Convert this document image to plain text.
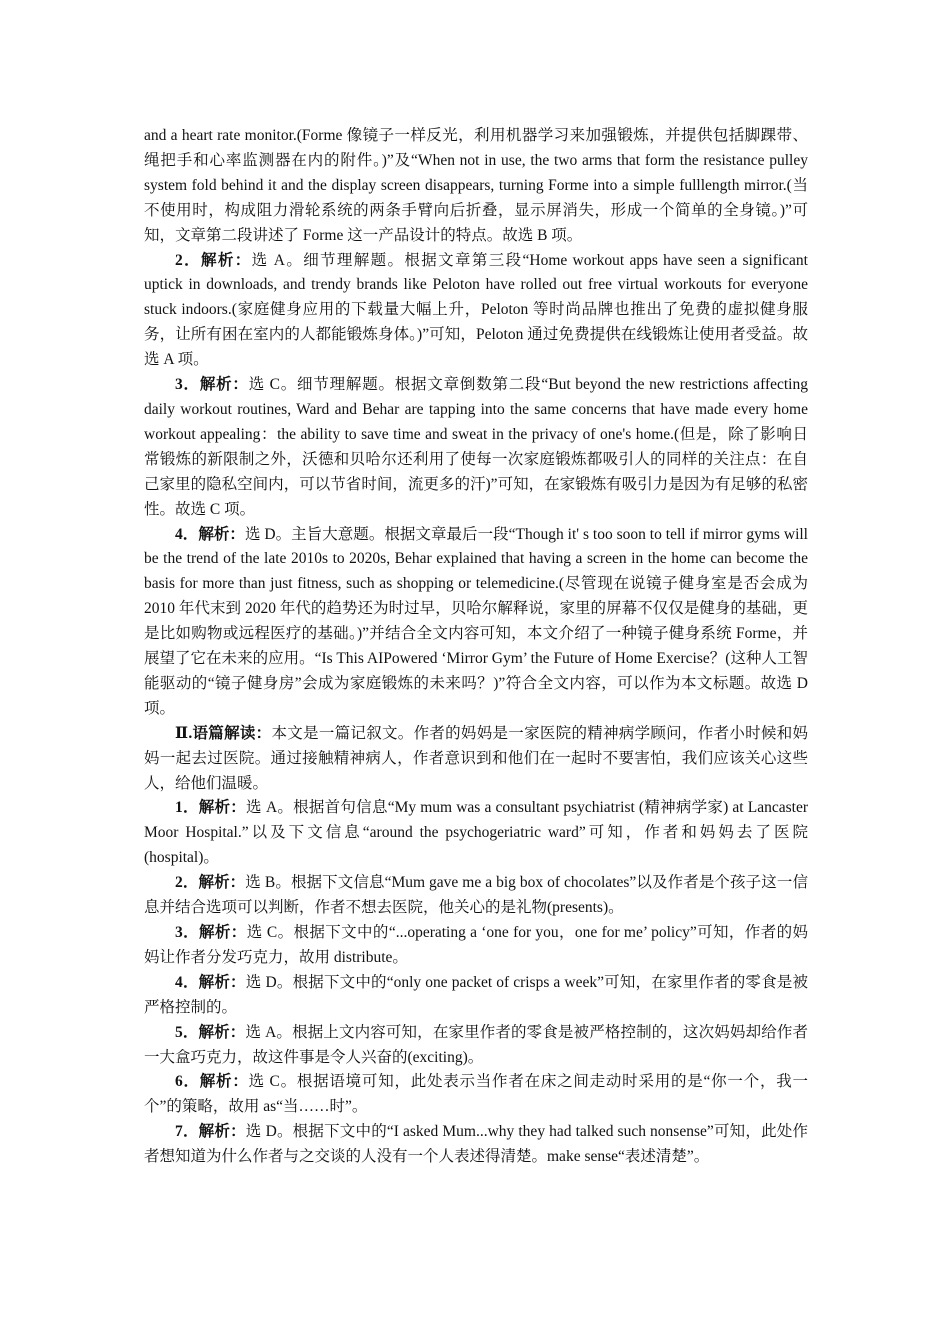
and a heart rate monitor.(Forme 像镜子一样反光，利用机器学习来加强锻炼，并提供包括脚踝带、绳把手和心率监测器在内的附件。)”及“When not in use, the two arms that form the resistance pulley system fold behind it and the display screen disappears, turning Forme into a simple fulllength mirror.(当不使用时，构成阻力滑轮系统的两条手臂向后折叠，显示屏消失，形成一个简单的全身镜。)”可知，文章第二段讲述了 Forme 这一产品设计的特点。故选 B 项。

2．解析：选 A。细节理解题。根据文章第三段“Home workout apps have seen a significant uptick in downloads, and trendy brands like Peloton have rolled out free virtual workouts for everyone stuck indoors.(家庭健身应用的下载量大幅上升，Peloton 等时尚品牌也推出了免费的虚拟健身服务，让所有困在室内的人都能锻炼身体。)”可知，Peloton 通过免费提供在线锻炼让使用者受益。故选 A 项。

3．解析：选 C。细节理解题。根据文章倒数第二段“But beyond the new restrictions affecting daily workout routines, Ward and Behar are tapping into the same concerns that have made every home workout appealing：the ability to save time and sweat in the privacy of one's home.(但是，除了影响日常锻炼的新限制之外，沃德和贝哈尔还利用了使每一次家庭锻炼都吸引人的同样的关注点：在自己家里的隐私空间内，可以节省时间，流更多的汗)”可知，在家锻炼有吸引力是因为有足够的私密性。故选 C 项。

4．解析：选 D。主旨大意题。根据文章最后一段“Though it' s too soon to tell if mirror gyms will be the trend of the late 2010s to 2020s, Behar explained that having a screen in the home can become the basis for more than just fitness, such as shopping or telemedicine.(尽管现在说镜子健身室是否会成为 2010 年代末到 2020 年代的趋势还为时过早，贝哈尔解释说，家里的屏幕不仅仅是健身的基础，更是比如购物或远程医疗的基础。)”并结合全文内容可知，本文介绍了一种镜子健身系统 Forme，并展望了它在未来的应用。“Is This AIPowered ‘Mirror Gym’ the Future of Home Exercise？(这种人工智能驱动的“镜子健身房”会成为家庭锻炼的未来吗？)”符合全文内容，可以作为本文标题。故选 D 项。

Ⅱ.语篇解读：本文是一篇记叙文。作者的妈妈是一家医院的精神病学顾问，作者小时候和妈妈一起去过医院。通过接触精神病人，作者意识到和他们在一起时不要害怕，我们应该关心这些人，给他们温暖。

1．解析：选 A。根据首句信息“My mum was a consultant psychiatrist (精神病学家) at Lancaster Moor Hospital.”以及下文信息“around the psychogeriatric ward”可知，作者和妈妈去了医院(hospital)。

2．解析：选 B。根据下文信息“Mum gave me a big box of chocolates”以及作者是个孩子这一信息并结合选项可以判断，作者不想去医院，他关心的是礼物(presents)。

3．解析：选 C。根据下文中的“...operating a ‘one for you，one for me’ policy”可知，作者的妈妈让作者分发巧克力，故用 distribute。

4．解析：选 D。根据下文中的“only one packet of crisps a week”可知，在家里作者的零食是被严格控制的。

5．解析：选 A。根据上文内容可知，在家里作者的零食是被严格控制的，这次妈妈却给作者一大盒巧克力，故这件事是令人兴奋的(exciting)。

6．解析：选 C。根据语境可知，此处表示当作者在床之间走动时采用的是“你一个，我一个”的策略，故用 as“当……时”。

7．解析：选 D。根据下文中的“I asked Mum...why they had talked such nonsense”可知，此处作者想知道为什么作者与之交谈的人没有一个人表述得清楚。make sense“表述清楚”。
